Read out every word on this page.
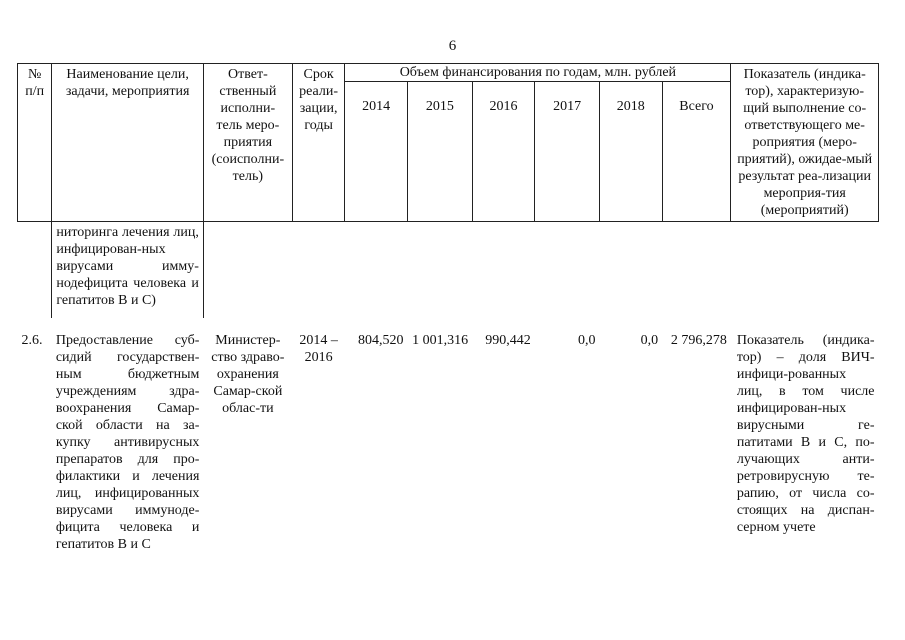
6
№ п/п	Наименование цели, задачи, мероприятия	Ответ-ственный исполни-тель меро-приятия (соисполни-тель)	Срок реали-зации, годы	Объем финансирования по годам, млн. рублей						Показатель (индика-тор), характеризую-щий выполнение со-ответствующего ме-роприятия (меро-приятий), ожидае-мый результат реа-лизации мероприя-тия (мероприятий)
				2014	2015	2016	2017	2018	Всего	
	ниторинга лечения лиц, инфицирован-ных вирусами имму-нодефицита человека и гепатитов В и С)									
2.6.	Предоставление суб-сидий государствен-ным бюджетным учреждениям здра-воохранения Самар-ской области на за-купку антивирусных препаратов для про-филактики и лечения лиц, инфицированных вирусами иммуноде-фицита человека и гепатитов В и С	Министер-ство здраво-охранения Самар-ской облас-ти	2014 – 2016	804,520	1 001,316	990,442	0,0	0,0	2 796,278	Показатель (индика-тор) – доля ВИЧ-инфици-рованных лиц, в том числе инфицирован-ных вирусными ге-патитами В и С, по-лучающих анти-ретровирусную те-рапию, от числа со-стоящих на диспан-серном учете
